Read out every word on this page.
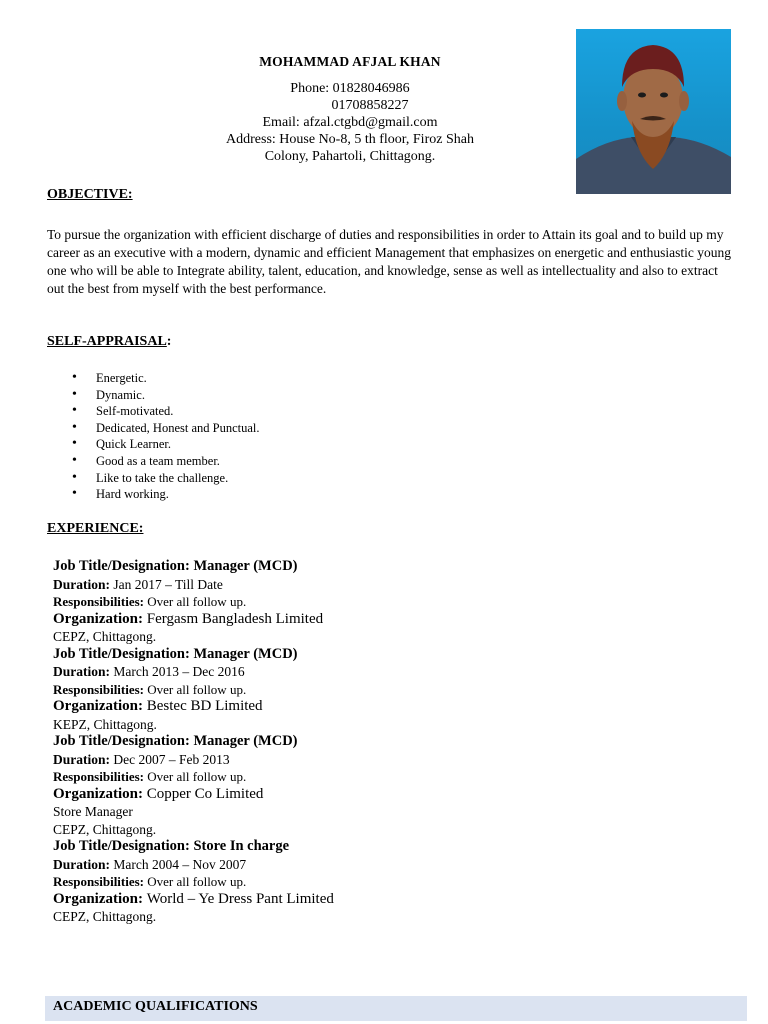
MOHAMMAD AFJAL KHAN
Phone: 01828046986
01708858227
Email: afzal.ctgbd@gmail.com
Address: House No-8, 5 th floor, Firoz Shah
Colony, Pahartoli, Chittagong.
OBJECTIVE:
To pursue the organization with efficient discharge of duties and responsibilities in order to Attain its goal and to build up my career as an executive with a modern, dynamic and efficient Management that emphasizes on energetic and enthusiastic young one who will be able to Integrate ability, talent, education, and knowledge, sense as well as intellectuality and also to extract out the best from myself with the best performance.
SELF-APPRAISAL:
• Energetic.
• Dynamic.
• Self-motivated.
• Dedicated, Honest and Punctual.
• Quick Learner.
• Good as a team member.
• Like to take the challenge.
• Hard working.
EXPERIENCE:
Job Title/Designation: Manager (MCD)
Duration: Jan 2017 – Till Date
Responsibilities: Over all follow up.
Organization: Fergasm Bangladesh Limited
CEPZ, Chittagong.
Job Title/Designation: Manager (MCD)
Duration: March 2013 – Dec 2016
Responsibilities: Over all follow up.
Organization: Bestec BD Limited
KEPZ, Chittagong.
Job Title/Designation: Manager (MCD)
Duration: Dec 2007 – Feb 2013
Responsibilities: Over all follow up.
Organization: Copper Co Limited
Store Manager
CEPZ, Chittagong.
Job Title/Designation: Store In charge
Duration: March 2004 – Nov 2007
Responsibilities: Over all follow up.
Organization: World – Ye Dress Pant Limited
CEPZ, Chittagong.
ACADEMIC QUALIFICATIONS
